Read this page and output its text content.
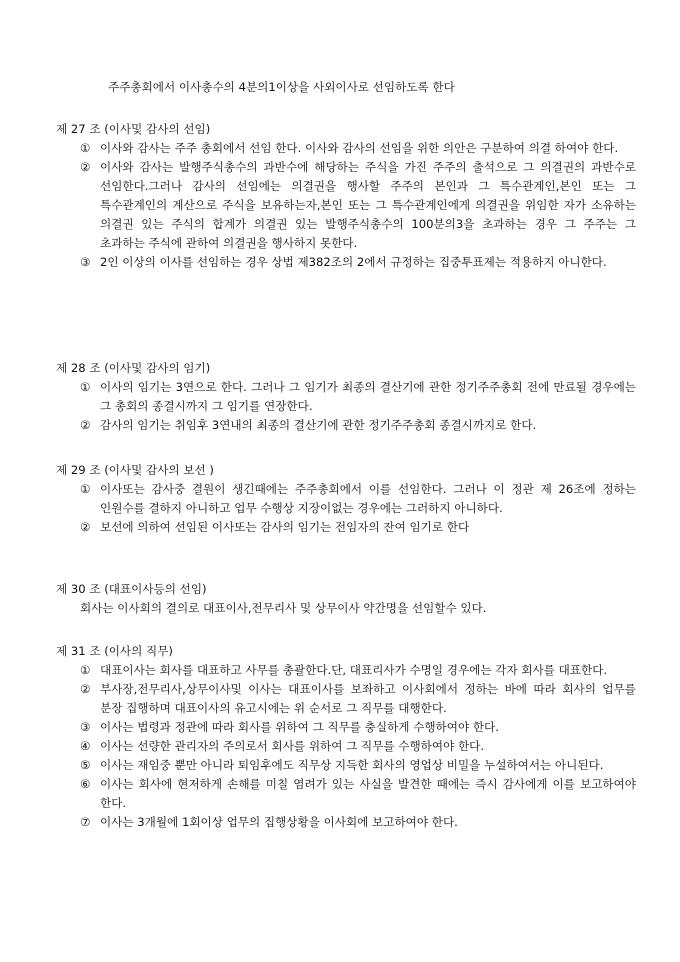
주주총회에서 이사총수의 4분의1이상을 사외이사로 선임하도록 한다
제 27 조 (이사및 감사의 선임)
① 이사와 감사는 주주 총회에서 선임 한다. 이사와 감사의 선임을 위한 의안은 구분하여 의결 하여야 한다.
② 이사와 감사는 발행주식총수의 과반수에 해당하는 주식을 가진 주주의 출석으로 그 의결권의 과반수로 선임한다.그러나 감사의 선임에는 의결권을 행사할 주주의 본인과 그 특수관계인,본인 또는 그 특수관계인의 계산으로 주식을 보유하는자,본인 또는 그 특수관계인에게 의결권을 위임한 자가 소유하는 의결권 있는 주식의 합계가 의결권 있는 발행주식총수의 100분의3을 초과하는 경우 그 주주는 그 초과하는 주식에 관하여 의결권을 행사하지 못한다.
③ 2인 이상의 이사를 선임하는 경우 상법 제382조의 2에서 규정하는 집중투표제는 적용하지 아니한다.
제 28 조 (이사및 감사의 임기)
① 이사의 임기는 3연으로 한다. 그러나 그 임기가 최종의 결산기에 관한 정기주주총회 전에 만료될 경우에는 그 총회의 종결시까지 그 임기를 연장한다.
② 감사의 임기는 취임후 3연내의 최종의 결산기에 관한 정기주주총회 종결시까지로 한다.
제 29 조 (이사및 감사의 보선 )
① 이사또는 감사중 결원이 생긴때에는 주주총회에서 이를 선임한다. 그러나 이 정관 제 26조에 정하는 인원수를 결하지 아니하고 업무 수행상 지장이없는 경우에는 그러하지 아니하다.
② 보선에 의하여 선임된 이사또는 감사의 임기는 전임자의 잔여 임기로 한다
제 30 조 (대표이사등의 선임)
회사는 이사회의 결의로 대표이사,전무리사 및 상무이사 약간명을 선임할수 있다.
제 31 조 (이사의 직무)
① 대표이사는 회사를 대표하고 사무를 총괄한다.단, 대표리사가 수명일 경우에는 각자 회사를 대표한다.
② 부사장,전무리사,상무이사및 이사는 대표이사를 보좌하고 이사회에서 정하는 바에 따라 회사의 업무를 분장 집행하며 대표이사의 유고시에는 위 순서로 그 직무를 대행한다.
③ 이사는 법령과 정관에 따라 회사를 위하여 그 직무를 충실하게 수행하여야 한다.
④ 이사는 선량한 관리자의 주의로서 회사를 위하여 그 직무를 수행하여야 한다.
⑤ 이사는 재임중 뿐만 아니라 퇴임후에도 직무상 지득한 회사의 영업상 비밀을 누설하여서는 아니된다.
⑥ 이사는 회사에 현저하게 손해를 미칠 염려가 있는 사실을 발견한 때에는 즉시 감사에게 이를 보고하여야 한다.
⑦ 이사는 3개월에 1회이상 업무의 집행상황을 이사회에 보고하여야 한다.
